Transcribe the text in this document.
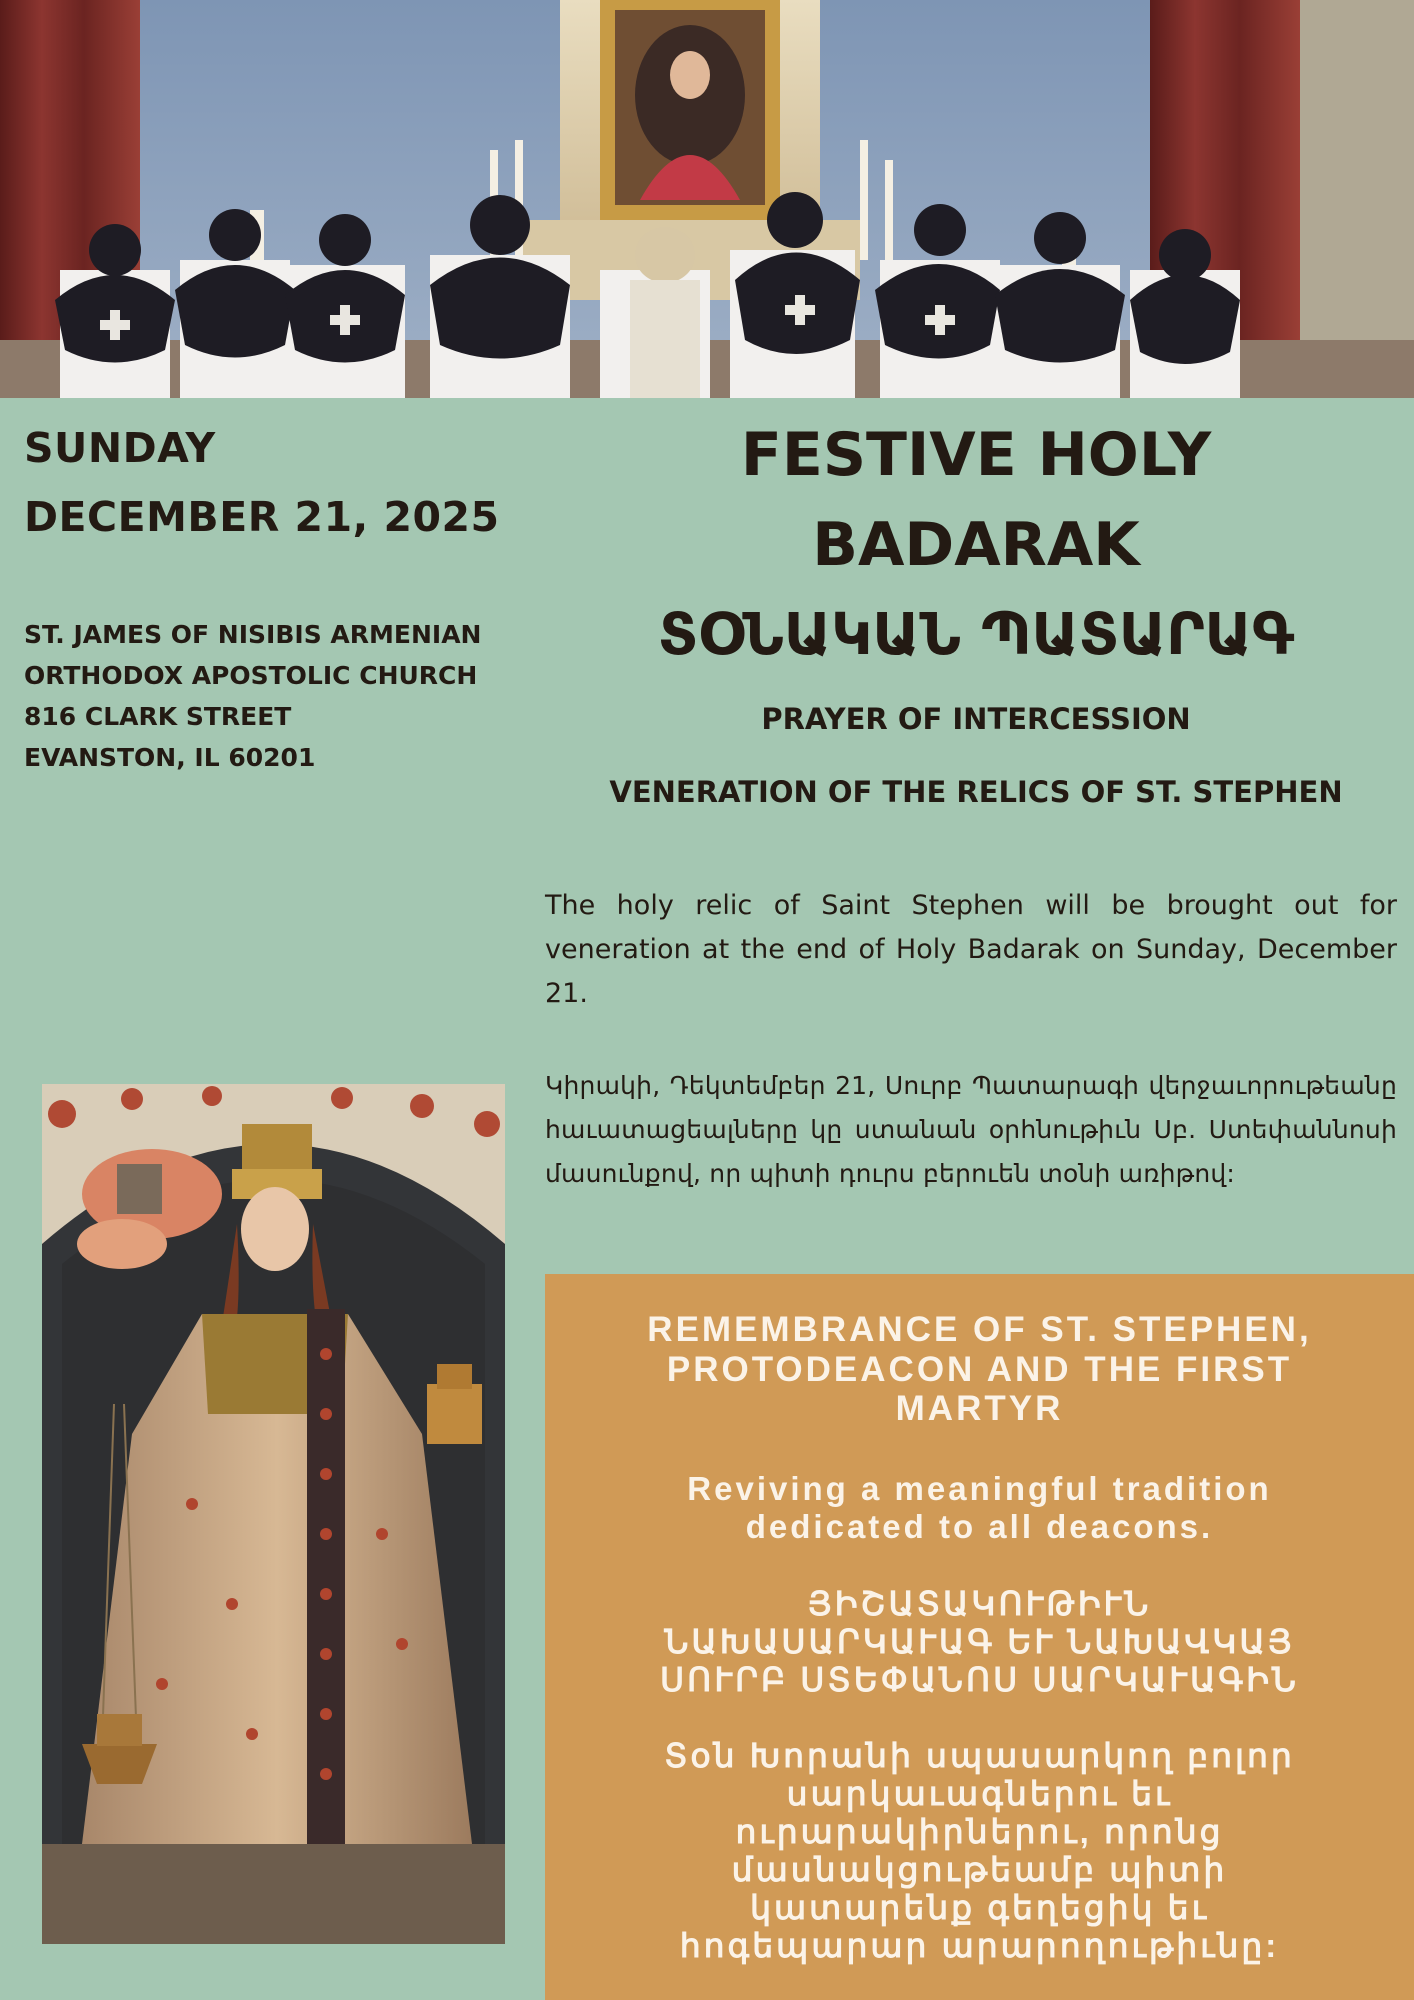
SUNDAY
DECEMBER 21, 2025
ST. JAMES OF NISIBIS ARMENIAN
ORTHODOX APOSTOLIC CHURCH
816 CLARK STREET
EVANSTON, IL 60201
FESTIVE HOLY
BADARAK
ՏՕՆԱԿԱՆ ՊԱՏԱՐԱԳ
PRAYER OF INTERCESSION
VENERATION OF THE RELICS OF ST. STEPHEN
The holy relic of Saint Stephen will be brought out for veneration at the end of Holy Badarak on Sunday, December 21.
Կիրակի, Դեկտեմբեր 21, Սուրբ Պատարագի վերջաւորութեանը հաւատացեալները կը ստանան օրհնութիւն Սբ. Ստեփաննոսի մասունքով, որ պիտի դուրս բերուեն տօնի առիթով:
REMEMBRANCE OF ST. STEPHEN,
PROTODEACON AND THE FIRST
MARTYR
Reviving a meaningful tradition
dedicated to all deacons.
ՅԻՇԱՏԱԿՈՒԹԻՒՆ
ՆԱԽԱՍԱՐԿԱՒԱԳ ԵՒ ՆԱԽԱՎԿԱՅ
ՍՈՒՐԲ ՍՏԵՓԱՆՈՍ ՍԱՐԿԱՒԱԳԻՆ
Տօն Խորանի սպասարկող բոլոր
սարկաւագներու եւ
ուրարակիրներու, որոնց
մասնակցութեամբ պիտի
կատարենք գեղեցիկ եւ
հոգեպարար արարողութիւնը:
